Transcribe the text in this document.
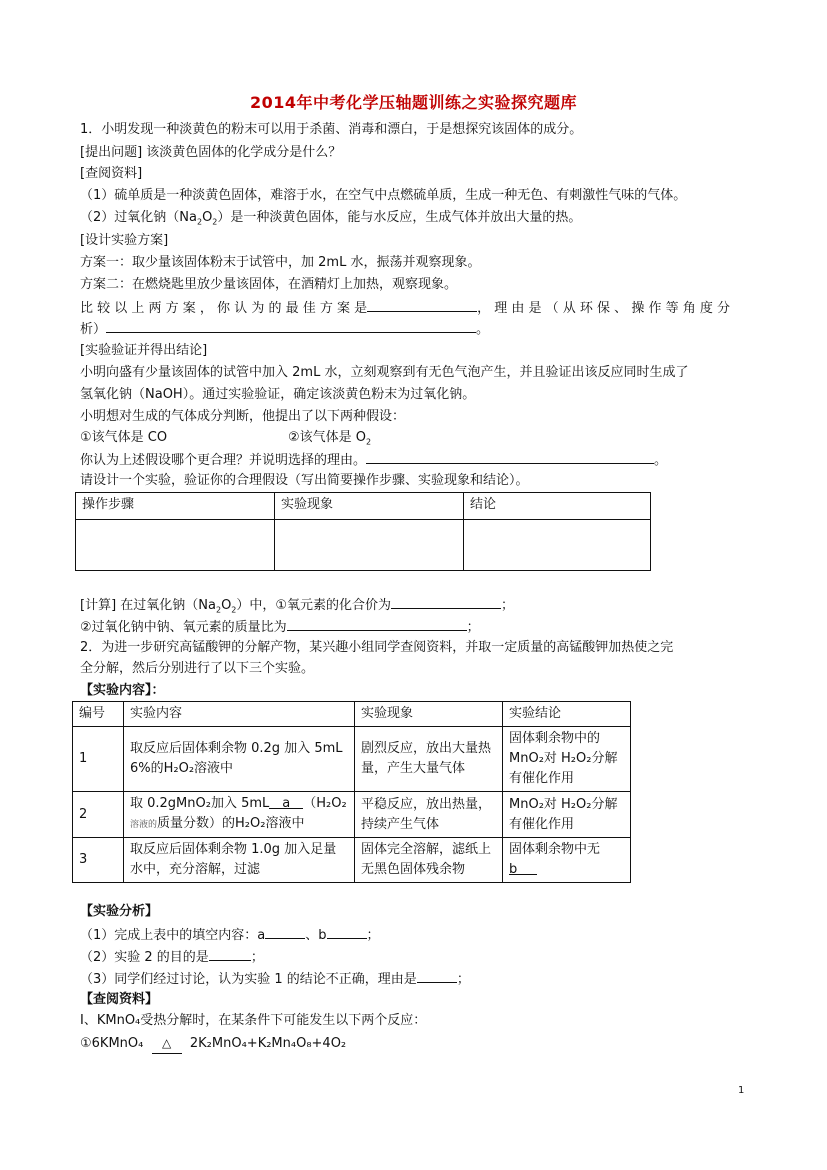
2014年中考化学压轴题训练之实验探究题库
1．小明发现一种淡黄色的粉末可以用于杀菌、消毒和漂白，于是想探究该固体的成分。
[提出问题] 该淡黄色固体的化学成分是什么？
[查阅资料]
（1）硫单质是一种淡黄色固体，难溶于水，在空气中点燃硫单质，生成一种无色、有刺激性气味的气体。
（2）过氧化钠$(Na_2O_2)$是一种淡黄色固体，能与水反应，生成气体并放出大量的热。
[设计实验方案]
方案一：取少量该固体粉末于试管中，加 2mL 水，振荡并观察现象。
方案二：在燃烧匙里放少量该固体，在酒精灯上加热，观察现象。
比 较 以 上 两 方 案 ， 你 认 为 的 最 佳 方 案 是	， 理 由 是 （ 从 环 保 、 操 作 等 角 度 分
析）	。
[实验验证并得出结论]
小明向盛有少量该固体的试管中加入 2mL 水，立刻观察到有无色气泡产生，并且验证出该反应同时生成了
氢氧化钠（NaOH）。通过实验验证，确定该淡黄色粉末为过氧化钠。
小明想对生成的气体成分判断，他提出了以下两种假设：
①该气体是 CO	②该气体是 $O_2$
你认为上述假设哪个更合理？并说明选择的理由。	。
请设计一个实验，验证你的合理假设（写出简要操作步骤、实验现象和结论）。
操作步骤	实验现象	结论

[计算] 在过氧化钠$(Na_2O_2)$中，①氧元素的化合价为	；
②过氧化钠中钠、氧元素的质量比为	；
2．为进一步研究高锰酸钾的分解产物，某兴趣小组同学查阅资料，并取一定质量的高锰酸钾加热使之完
全分解，然后分别进行了以下三个实验。
【实验内容】：
编号	实验内容	实验现象	实验结论
1	取反应后固体剩余物 0.2g 加入 5mL 6%的H₂O₂溶液中	剧烈反应，放出大量热量，产生大量气体	固体剩余物中的MnO₂对 H₂O₂分解有催化作用
2	取 0.2gMnO₂加入 5mL a （H₂O₂
溶液的质量分数）的H₂O₂溶液中	平稳反应，放出热量，持续产生气体	MnO₂对 H₂O₂分解有催化作用
3	取反应后固体剩余物 1.0g 加入足量水中，充分溶解，过滤	固体完全溶解，滤纸上无黑色固体残余物	固体剩余物中无
b
【实验分析】
（1）完成上表中的填空内容：a	、b	；
（2）实验 2 的目的是	；
（3）同学们经过讨论，认为实验 1 的结论不正确，理由是	；
【查阅资料】
Ⅰ、KMnO₄受热分解时，在某条件下可能发生以下两个反应：
①6KMnO₄ △ 2K₂MnO₄+K₂Mn₄O₈+4O₂
1
